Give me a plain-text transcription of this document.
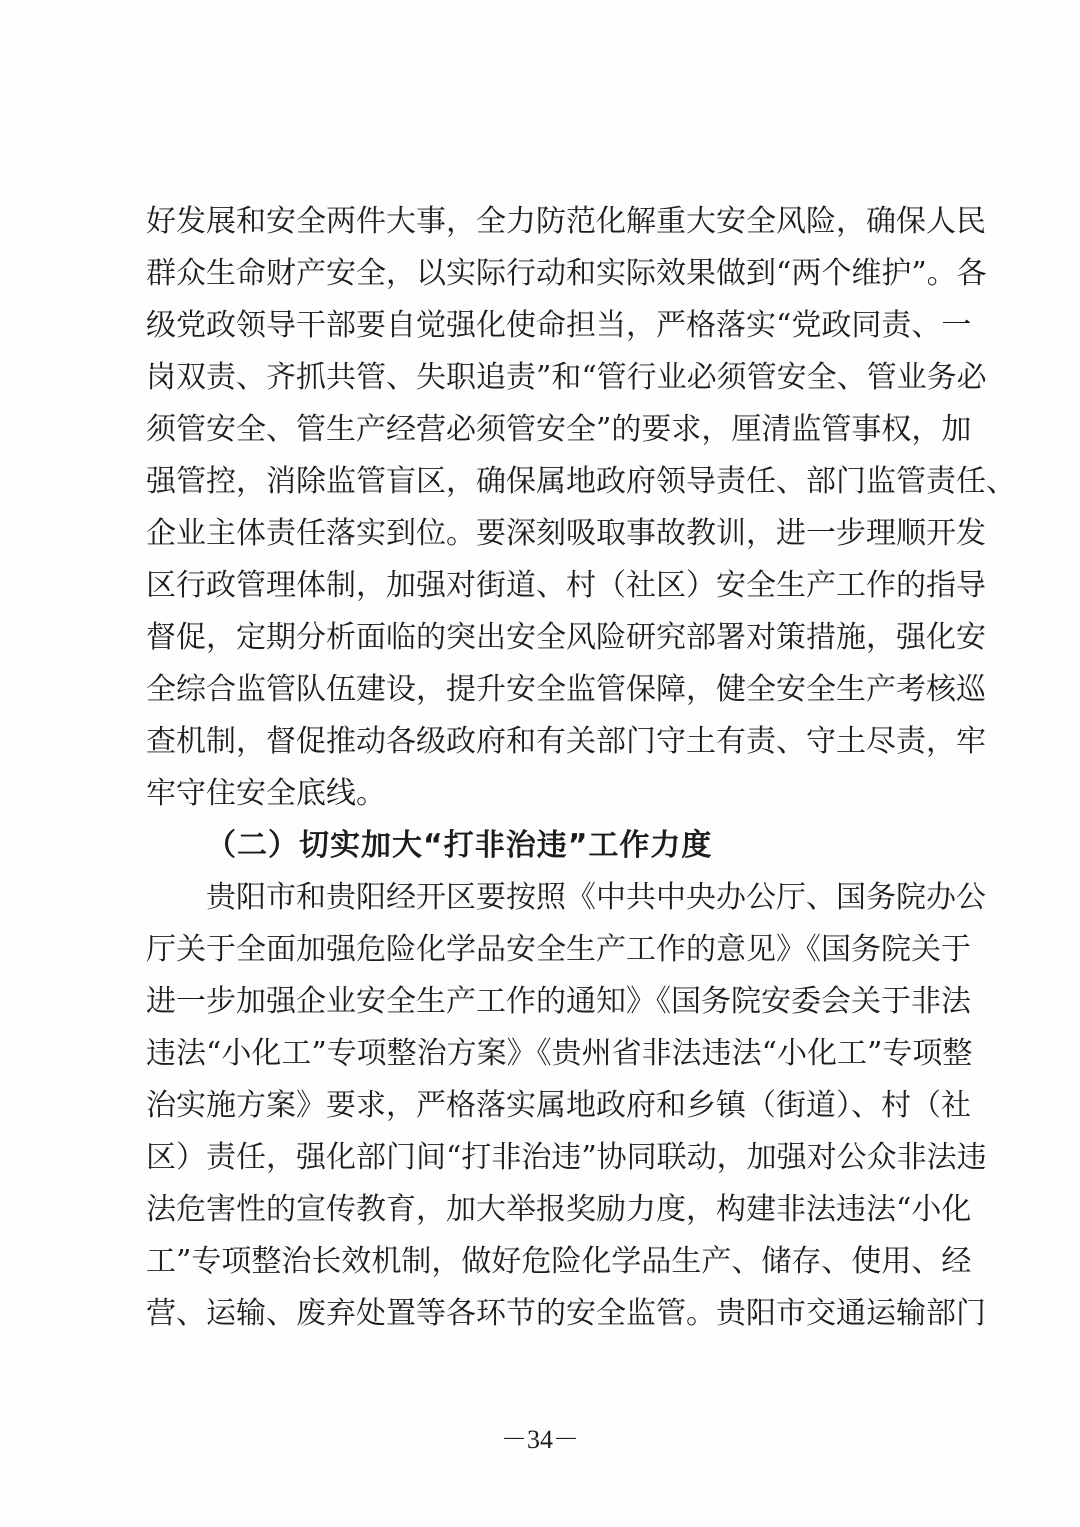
好发展和安全两件大事，全力防范化解重大安全风险，确保人民
群众生命财产安全，以实际行动和实际效果做到“两个维护”。各
级党政领导干部要自觉强化使命担当，严格落实“党政同责、一
岗双责、齐抓共管、失职追责”和“管行业必须管安全、管业务必
须管安全、管生产经营必须管安全”的要求，厘清监管事权，加
强管控，消除监管盲区，确保属地政府领导责任、部门监管责任、
企业主体责任落实到位。要深刻吸取事故教训，进一步理顺开发
区行政管理体制，加强对街道、村（社区）安全生产工作的指导
督促，定期分析面临的突出安全风险研究部署对策措施，强化安
全综合监管队伍建设，提升安全监管保障，健全安全生产考核巡
查机制，督促推动各级政府和有关部门守土有责、守土尽责，牢
牢守住安全底线。
（二）切实加大“打非治违”工作力度
贵阳市和贵阳经开区要按照《中共中央办公厅、国务院办公
厅关于全面加强危险化学品安全生产工作的意见》《国务院关于
进一步加强企业安全生产工作的通知》《国务院安委会关于非法
违法“小化工”专项整治方案》《贵州省非法违法“小化工”专项整
治实施方案》要求，严格落实属地政府和乡镇（街道）、村（社
区）责任，强化部门间“打非治违”协同联动，加强对公众非法违
法危害性的宣传教育，加大举报奖励力度，构建非法违法“小化
工”专项整治长效机制，做好危险化学品生产、储存、使用、经
营、运输、废弃处置等各环节的安全监管。贵阳市交通运输部门
－34－
